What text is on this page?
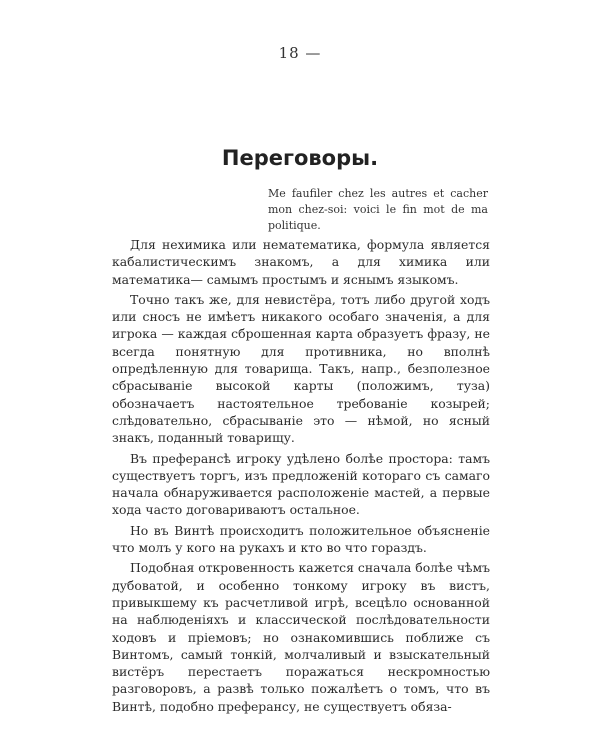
18 —
Переговоры.
Me faufiler chez les autres et cacher mon chez-soi: voici le fin mot de ma politique.

Для нехимика или нематематика, формула является кабалистическимъ знакомъ, а для химика или математика— самымъ простымъ и яснымъ языкомъ.

Точно такъ же, для невистёра, тотъ либо другой ходъ или сносъ не имѣетъ никакого особаго значенія, а для игрока — каждая сброшенная карта образуетъ фразу, не всегда понятную для противника, но вполнѣ опредѣленную для товарища. Такъ, напр., безполезное сбрасываніе высокой карты (положимъ, туза) обозначаетъ настоятельное требованіе козырей; слѣдовательно, сбрасываніе это — нѣмой, но ясный знакъ, поданный товарищу.

Въ преферансѣ игроку удѣлено болѣе простора: тамъ существуетъ торгъ, изъ предложеній котораго съ самаго начала обнаруживается расположеніе мастей, а первые хода часто договариваютъ остальное.

Но въ Винтѣ происходитъ положительное объясненіе что молъ у кого на рукахъ и кто во что гораздъ.

Подобная откровенность кажется сначала болѣе чѣмъ дубоватой, и особенно тонкому игроку въ вистъ, привыкшему къ расчетливой игрѣ, всецѣло основанной на наблюденіяхъ и классической послѣдовательности ходовъ и пріемовъ; но ознакомившись поближе съ Винтомъ, самый тонкій, молчаливый и взыскательный вистёръ перестаетъ поражаться нескромностью разговоровъ, а развѣ только пожалѣетъ о томъ, что въ Винтѣ, подобно преферансу, не существуетъ обяза-
